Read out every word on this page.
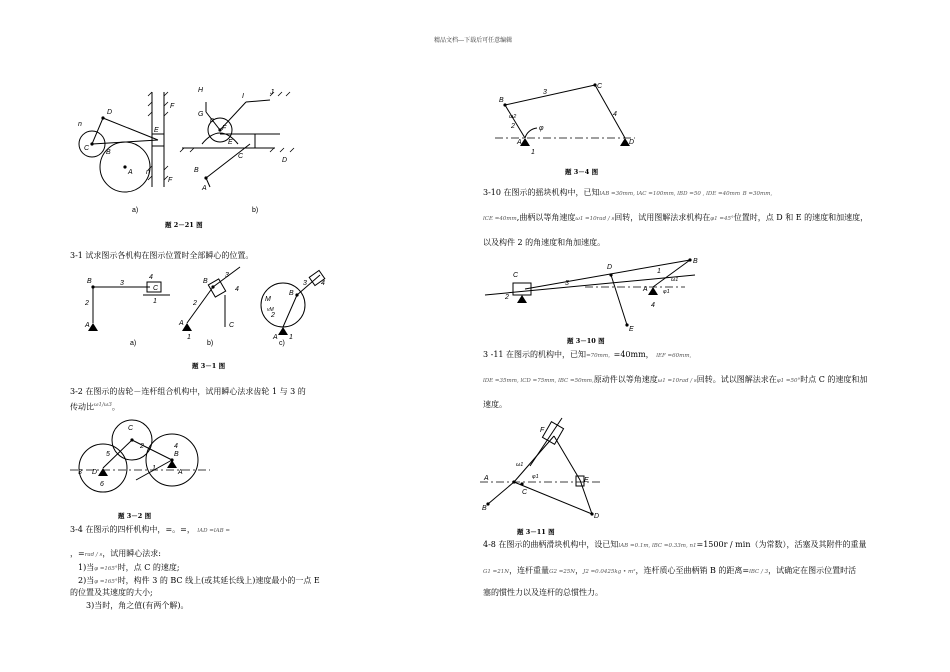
精品文档---下载后可任意编辑
D
F
n
C
B
E
A
F
n
H
G
I
J
F
E
B
C
A
D
n
a)	b)
题 2－21 图
3-1 试求图示各机构在图示位置时全部瞬心的位置。
B	3
4
C
1
2
A
B
2
3
4
C
1
A
M
2
B
4
3
1
A
vM
a)	b)	c)
题 3－1 图
3-2 在图示的齿轮－连杆组合机构中，试用瞬心法求齿轮 1 与 3 的
传动比$^{\omega 1/\omega 3}$。
C
2	4
3 D
1
B
5
6
A
题 3－2 图
3-4 在图示的四杆机构中，=。=， lAD =lAB =
，=rad / s，试用瞬心法求:
1)当φ =165°时，点 C 的速度;
2)当φ =165°时，构件 3 的 BC 线上(或其延长线上)速度最小的一点 E
的位置及其速度的大小;
3)当时，角之值(有两个解)。
B
C
3
ω2	4
2	φ
A	D
1
题 3－4 图
3-10 在图示的摇块机构中，已知lAB =30mm, lAC =100mm, lBD =50 , lDE =40mm B =30mm,
lCE =40mm,曲柄以等角速度ω1 =10rad / s回转，试用图解法求机构在φ1 =45°位置时，点 D 和 E 的速度和加速度，
以及构件 2 的角速度和角加速度。
C
D
B
2
1
ω1
A
4
3
E
φ1
题 3－10 图
3 -11 在图示的机构中，已知=70mm，=40mm， lEF =60mm,
lDE =35mm, lCD =75mm, lBC =50mm,原动件以等角速度ω1 =10rad / s回转。试以图解法求在φ1 =50°时点 C 的速度和加
速度。
F
ω1
A	φ1	E
C
B
D
题 3－11 图
4-8 在图示的曲柄滑块机构中，设已知lAB =0.1m, lBC =0.33m, n1=1500r / min（为常数），活塞及其附件的重量
G1 =21N，连杆重量G2 =25N，J2 =0.0425kg • m²，连杆质心至曲柄销 B 的距离=lBC / 3，试确定在图示位置时活
塞的惯性力以及连杆的总惯性力。
